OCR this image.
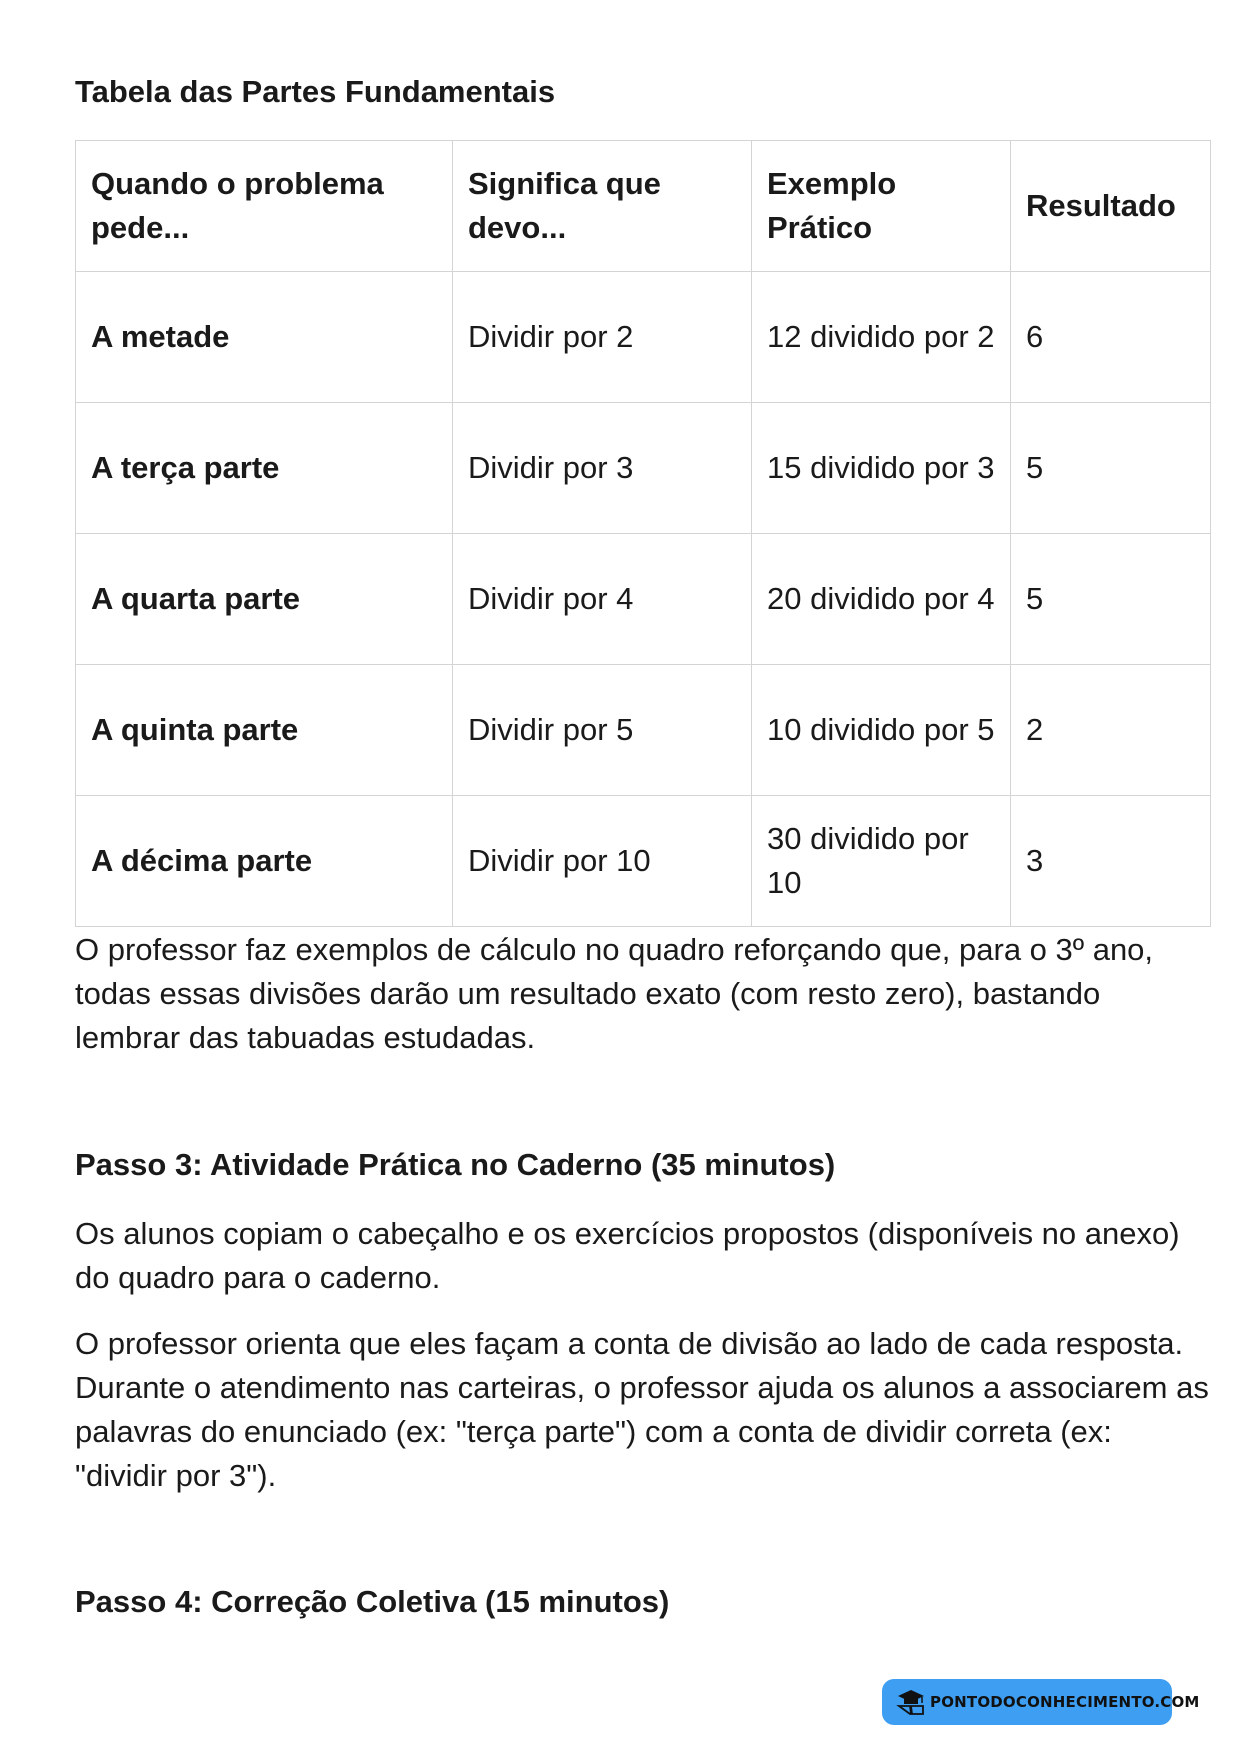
Tabela das Partes Fundamentais
Quando o problema pede...	Significa que devo...	Exemplo Prático	Resultado
A metade	Dividir por 2	12 dividido por 2	6
A terça parte	Dividir por 3	15 dividido por 3	5
A quarta parte	Dividir por 4	20 dividido por 4	5
A quinta parte	Dividir por 5	10 dividido por 5	2
A décima parte	Dividir por 10	30 dividido por 10	3

O professor faz exemplos de cálculo no quadro reforçando que, para o 3º ano, todas essas divisões darão um resultado exato (com resto zero), bastando lembrar das tabuadas estudadas.

Passo 3: Atividade Prática no Caderno (35 minutos)

Os alunos copiam o cabeçalho e os exercícios propostos (disponíveis no anexo) do quadro para o caderno.

O professor orienta que eles façam a conta de divisão ao lado de cada resposta. Durante o atendimento nas carteiras, o professor ajuda os alunos a associarem as palavras do enunciado (ex: "terça parte") com a conta de dividir correta (ex: "dividir por 3").

Passo 4: Correção Coletiva (15 minutos)
PONTODOCONHECIMENTO.COM
